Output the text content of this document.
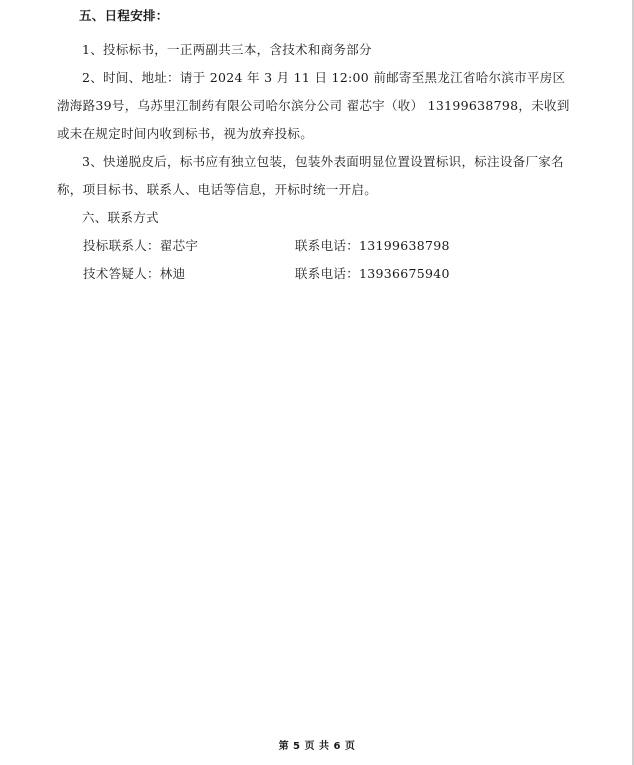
五、日程安排：

1、投标标书，一正两副共三本，含技术和商务部分

2、时间、地址：请于 2024 年 3 月 11 日 12:00 前邮寄至黑龙江省哈尔滨市平房区渤海路39号，乌苏里江制药有限公司哈尔滨分公司 翟芯宇（收） 13199638798，未收到或未在规定时间内收到标书，视为放弃投标。

3、快递脱皮后，标书应有独立包装，包装外表面明显位置设置标识，标注设备厂家名称，项目标书、联系人、电话等信息，开标时统一开启。

六、联系方式

投标联系人：翟芯宇	联系电话：13199638798
技术答疑人：林迪	联系电话：13936675940
第 5 页 共 6 页
